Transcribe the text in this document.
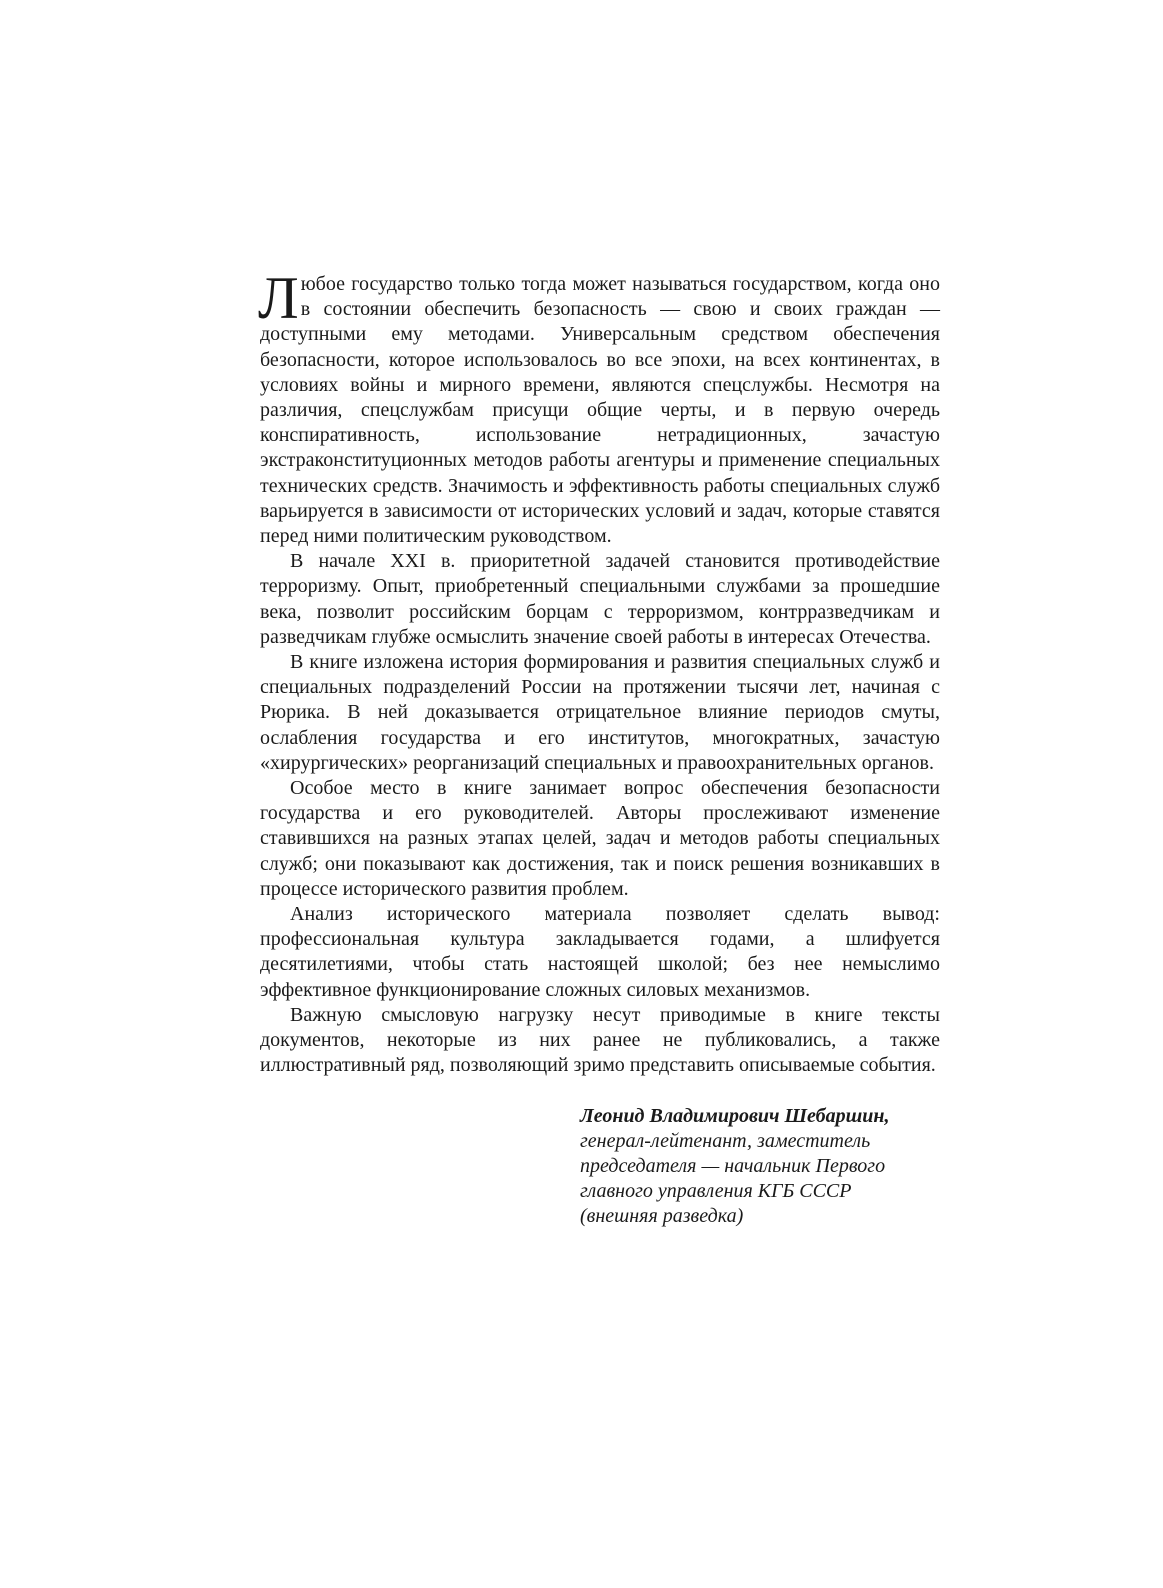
Любое государство только тогда может называться государством, когда оно в состоянии обеспечить безопасность — свою и своих граждан — доступными ему методами. Универсальным средством обеспечения безопасности, которое использовалось во все эпохи, на всех континентах, в условиях войны и мирного времени, являются спецслужбы. Несмотря на различия, спецслужбам присущи общие черты, и в первую очередь конспиративность, использование нетрадиционных, зачастую экстраконституционных методов работы агентуры и применение специальных технических средств. Значимость и эффективность работы специальных служб варьируется в зависимости от исторических условий и задач, которые ставятся перед ними политическим руководством.

В начале XXI в. приоритетной задачей становится противодействие терроризму. Опыт, приобретенный специальными службами за прошедшие века, позволит российским борцам с терроризмом, контрразведчикам и разведчикам глубже осмыслить значение своей работы в интересах Отечества.

В книге изложена история формирования и развития специальных служб и специальных подразделений России на протяжении тысячи лет, начиная с Рюрика. В ней доказывается отрицательное влияние периодов смуты, ослабления государства и его институтов, многократных, зачастую «хирургических» реорганизаций специальных и правоохранительных органов.

Особое место в книге занимает вопрос обеспечения безопасности государства и его руководителей. Авторы прослеживают изменение ставившихся на разных этапах целей, задач и методов работы специальных служб; они показывают как достижения, так и поиск решения возникавших в процессе исторического развития проблем.

Анализ исторического материала позволяет сделать вывод: профессиональная культура закладывается годами, а шлифуется десятилетиями, чтобы стать настоящей школой; без нее немыслимо эффективное функционирование сложных силовых механизмов.

Важную смысловую нагрузку несут приводимые в книге тексты документов, некоторые из них ранее не публиковались, а также иллюстративный ряд, позволяющий зримо представить описываемые события.

Леонид Владимирович Шебаршин,
генерал-лейтенант, заместитель
председателя — начальник Первого
главного управления КГБ СССР
(внешняя разведка)
